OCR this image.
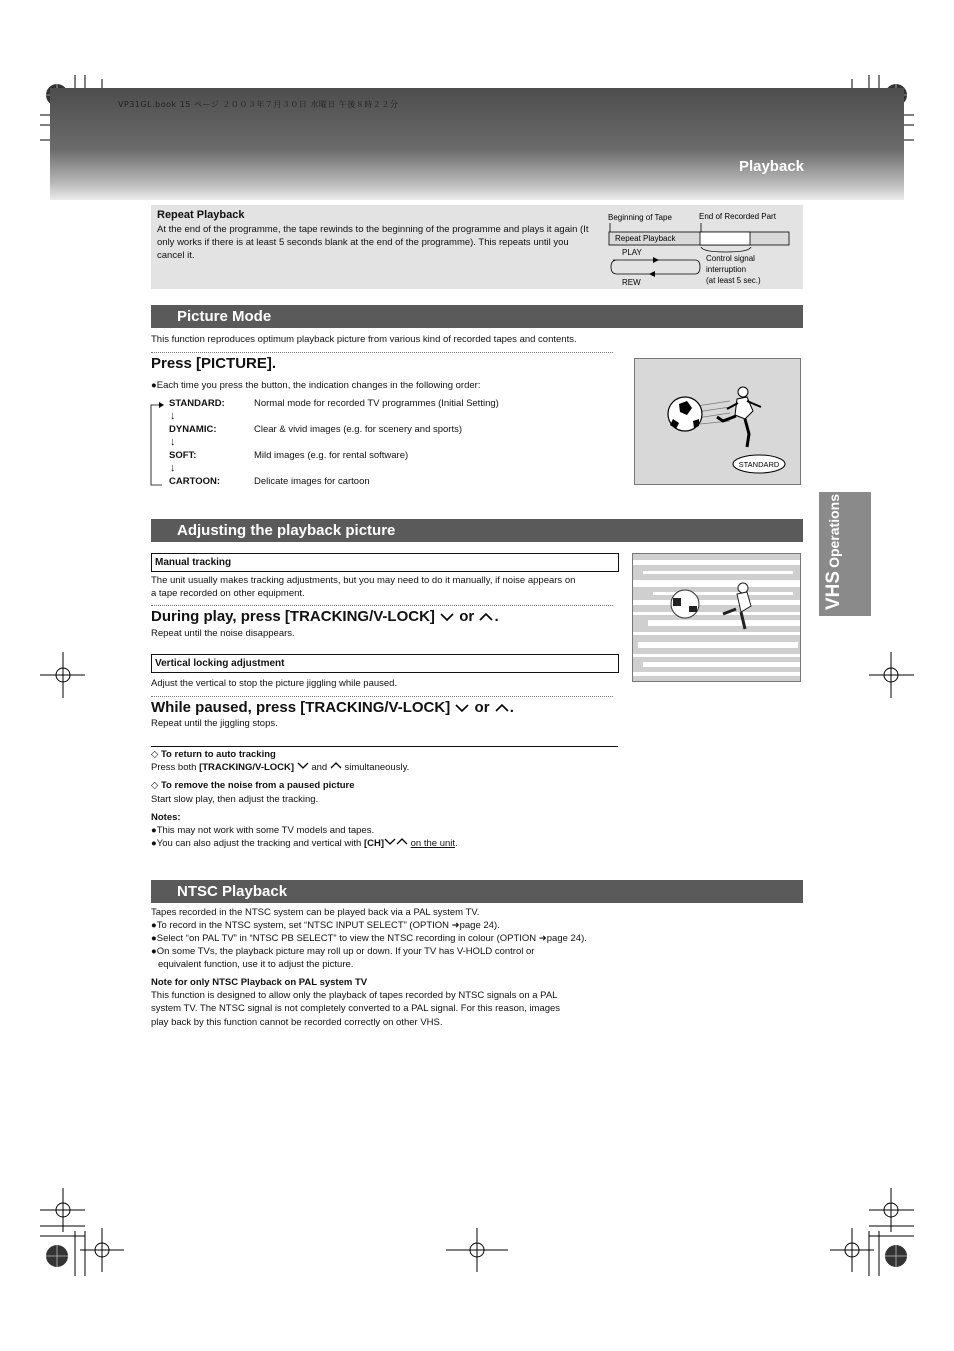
VP31GL.book 15 ページ ２００３年７月３０日 水曜日 午後８時２２分
Playback
Repeat Playback
At the end of the programme, the tape rewinds to the beginning of the programme and plays it again (It only works if there is at least 5 seconds blank at the end of the programme). This repeats until you cancel it.
Beginning of Tape	End of Recorded Part
Repeat Playback
PLAY
REW
Control signal
interruption
(at least 5 sec.)
Picture Mode
This function reproduces optimum playback picture from various kind of recorded tapes and contents.
Press [PICTURE].
●Each time you press the button, the indication changes in the following order:
STANDARD:	Normal mode for recorded TV programmes (Initial Setting)
↓
DYNAMIC:	Clear & vivid images (e.g. for scenery and sports)
↓
SOFT:	Mild images (e.g. for rental software)
↓
CARTOON:	Delicate images for cartoon
STANDARD
VHSOperations
Adjusting the playback picture
Manual tracking
The unit usually makes tracking adjustments, but you may need to do it manually, if noise appears on
a tape recorded on other equipment.
During play, press [TRACKING/V-LOCK] or .
Repeat until the noise disappears.
Vertical locking adjustment
Adjust the vertical to stop the picture jiggling while paused.
While paused, press [TRACKING/V-LOCK] or .
Repeat until the jiggling stops.
◇ To return to auto tracking
Press both [TRACKING/V-LOCK] and simultaneously.
◇ To remove the noise from a paused picture
Start slow play, then adjust the tracking.
Notes:
●This may not work with some TV models and tapes.
●You can also adjust the tracking and vertical with [CH]	on the unit.
NTSC Playback
Tapes recorded in the NTSC system can be played back via a PAL system TV.
●To record in the NTSC system, set “NTSC INPUT SELECT” (OPTION ➜page 24).
●Select “on PAL TV” in “NTSC PB SELECT” to view the NTSC recording in colour (OPTION ➜page 24).
●On some TVs, the playback picture may roll up or down. If your TV has V-HOLD control or
equivalent function, use it to adjust the picture.
Note for only NTSC Playback on PAL system TV
This function is designed to allow only the playback of tapes recorded by NTSC signals on a PAL
system TV. The NTSC signal is not completely converted to a PAL signal. For this reason, images
play back by this function cannot be recorded correctly on other VHS.
